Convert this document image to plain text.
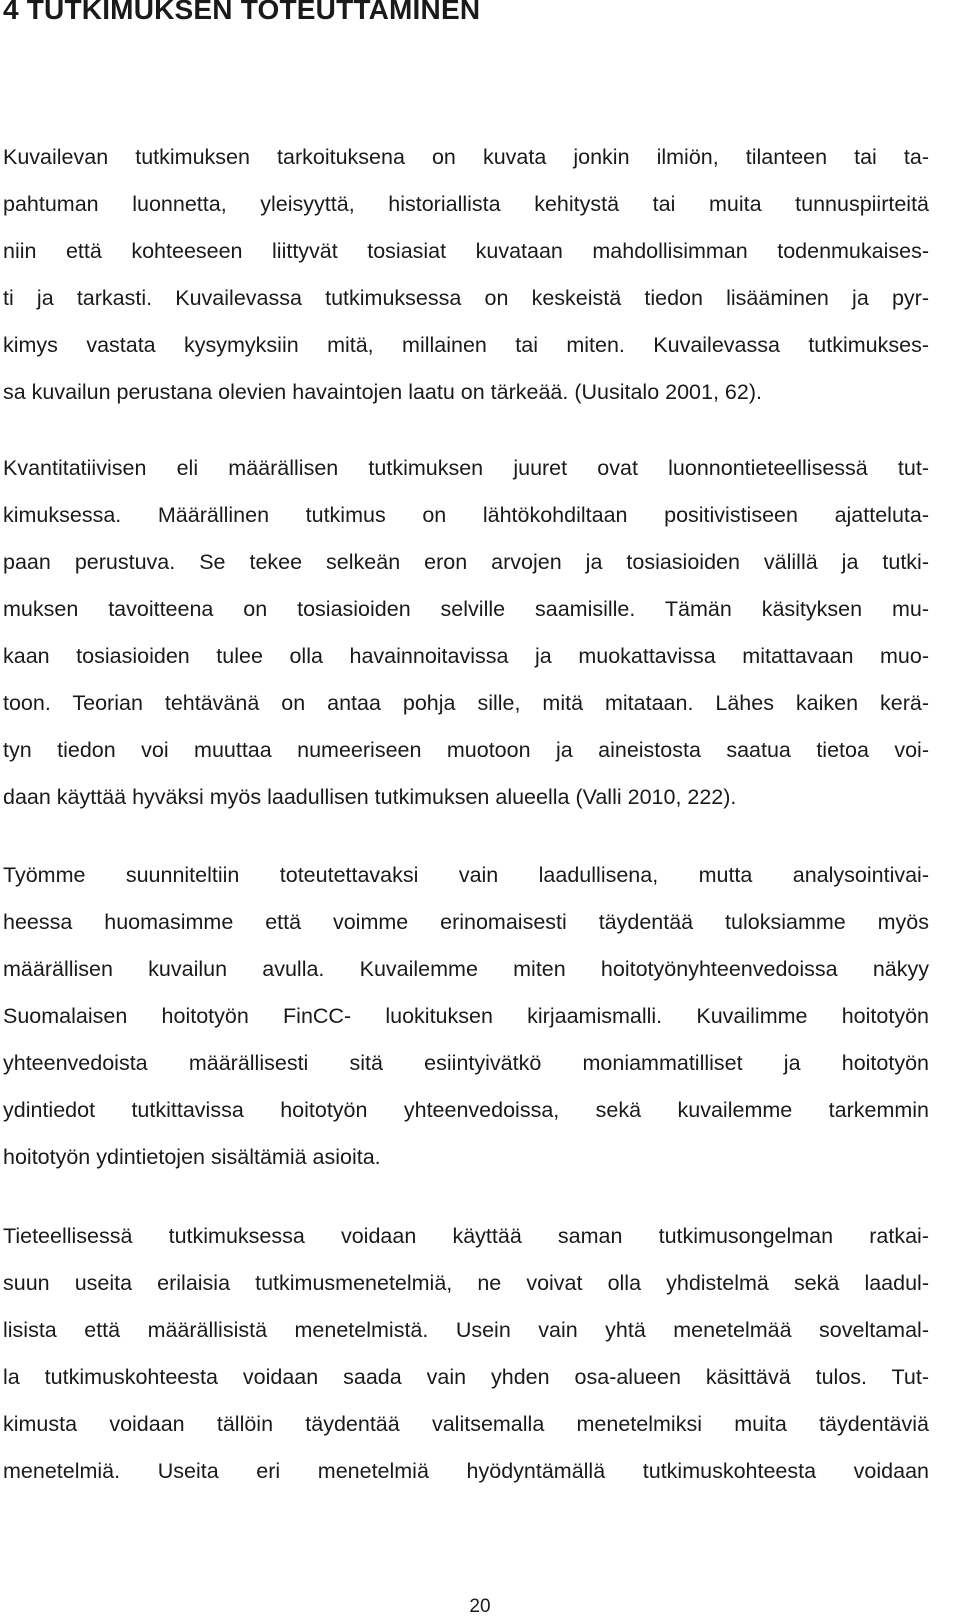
4 TUTKIMUKSEN TOTEUTTAMINEN
Kuvailevan tutkimuksen tarkoituksena on kuvata jonkin ilmiön, tilanteen tai ta-
pahtuman luonnetta, yleisyyttä, historiallista kehitystä tai muita tunnuspiirteitä
niin että kohteeseen liittyvät tosiasiat kuvataan mahdollisimman todenmukaises-
ti ja tarkasti. Kuvailevassa tutkimuksessa on keskeistä tiedon lisääminen ja pyr-
kimys vastata kysymyksiin mitä, millainen tai miten. Kuvailevassa tutkimukses-
sa kuvailun perustana olevien havaintojen laatu on tärkeää. (Uusitalo 2001, 62).
Kvantitatiivisen eli määrällisen tutkimuksen juuret ovat luonnontieteellisessä tut-
kimuksessa. Määrällinen tutkimus on lähtökohdiltaan positivistiseen ajatteluta-
paan perustuva. Se tekee selkeän eron arvojen ja tosiasioiden välillä ja tutki-
muksen tavoitteena on tosiasioiden selville saamisille. Tämän käsityksen mu-
kaan tosiasioiden tulee olla havainnoitavissa ja muokattavissa mitattavaan muo-
toon. Teorian tehtävänä on antaa pohja sille, mitä mitataan. Lähes kaiken kerä-
tyn tiedon voi muuttaa numeeriseen muotoon ja aineistosta saatua tietoa voi-
daan käyttää hyväksi myös laadullisen tutkimuksen alueella (Valli 2010, 222).
Työmme suunniteltiin toteutettavaksi vain laadullisena, mutta analysointivai-
heessa huomasimme että voimme erinomaisesti täydentää tuloksiamme myös
määrällisen kuvailun avulla. Kuvailemme miten hoitotyönyhteenvedoissa näkyy
Suomalaisen hoitotyön FinCC- luokituksen kirjaamismalli. Kuvailimme hoitotyön
yhteenvedoista määrällisesti sitä esiintyivätkö moniammatilliset ja hoitotyön
ydintiedot tutkittavissa hoitotyön yhteenvedoissa, sekä kuvailemme tarkemmin
hoitotyön ydintietojen sisältämiä asioita.
Tieteellisessä tutkimuksessa voidaan käyttää saman tutkimusongelman ratkai-
suun useita erilaisia tutkimusmenetelmiä, ne voivat olla yhdistelmä sekä laadul-
lisista että määrällisistä menetelmistä. Usein vain yhtä menetelmää soveltamal-
la tutkimuskohteesta voidaan saada vain yhden osa-alueen käsittävä tulos. Tut-
kimusta voidaan tällöin täydentää valitsemalla menetelmiksi muita täydentäviä
menetelmiä. Useita eri menetelmiä hyödyntämällä tutkimuskohteesta voidaan
20
